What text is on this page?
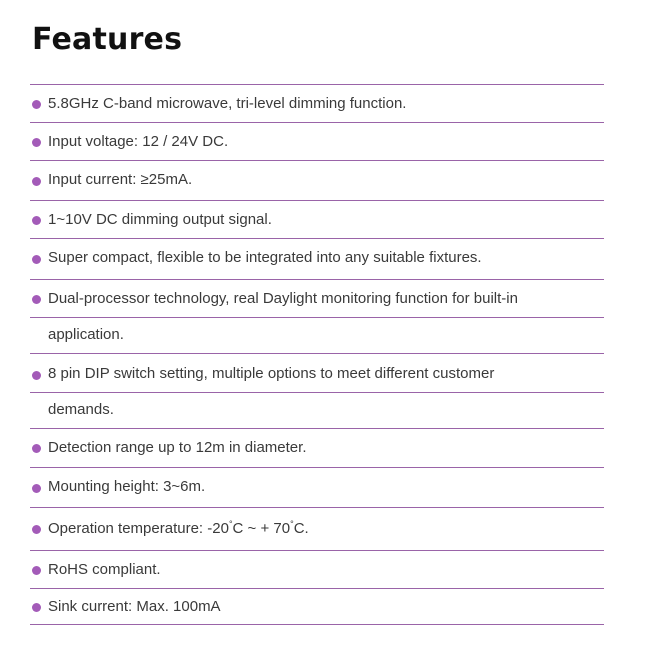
Features
5.8GHz C-band microwave, tri-level dimming function.
Input voltage: 12 / 24V DC.
Input current: ≥25mA.
1~10V DC dimming output signal.
Super compact, flexible to be integrated into any suitable fixtures.
Dual-processor technology, real Daylight monitoring function for built-in
application.
8 pin DIP switch setting, multiple options to meet different customer
demands.
Detection range up to 12m in diameter.
Mounting height: 3~6m.
Operation temperature: -20°C ~ + 70°C.
RoHS compliant.
Sink current: Max. 100mA
